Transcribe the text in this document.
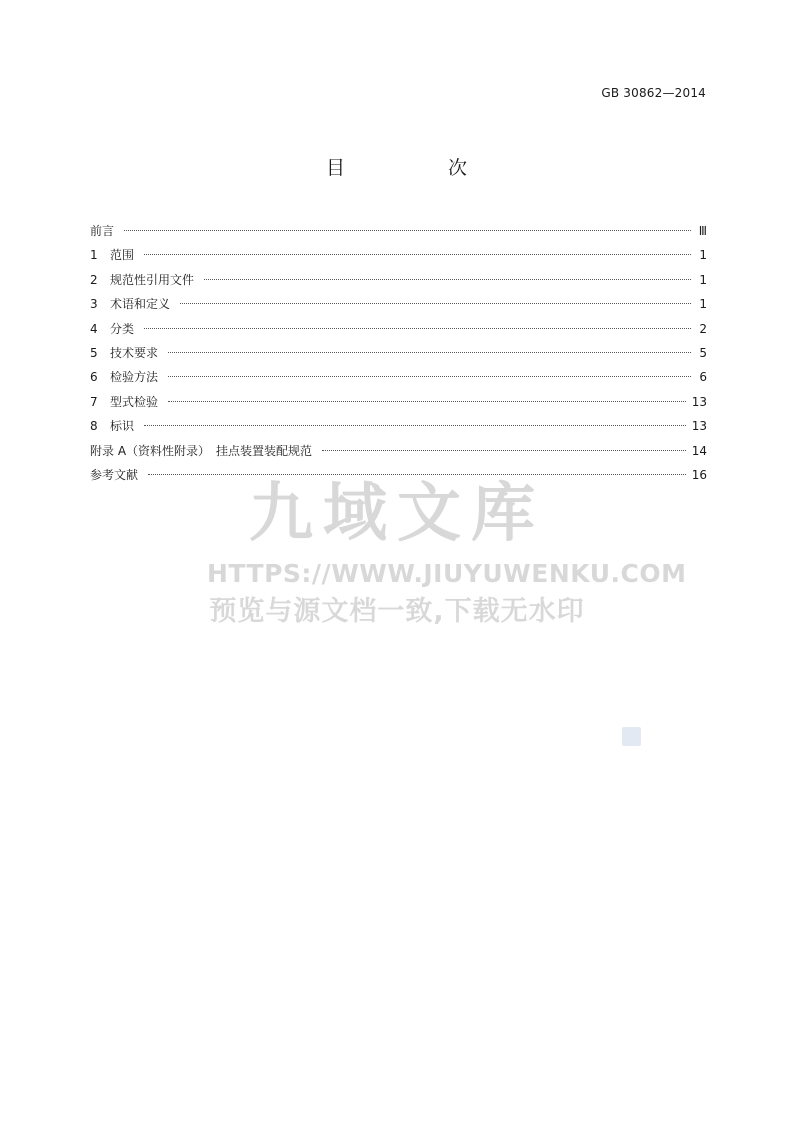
GB 30862—2014
目　次
前言	Ⅲ
1	范围	1
2	规范性引用文件	1
3	术语和定义	1
4	分类	2
5	技术要求	5
6	检验方法	6
7	型式检验	13
8	标识	13
附录 A（资料性附录）　挂点装置装配规范	14
参考文献	16
九域文库
HTTPS://WWW.JIUYUWENKU.COM
预览与源文档一致,下载无水印
